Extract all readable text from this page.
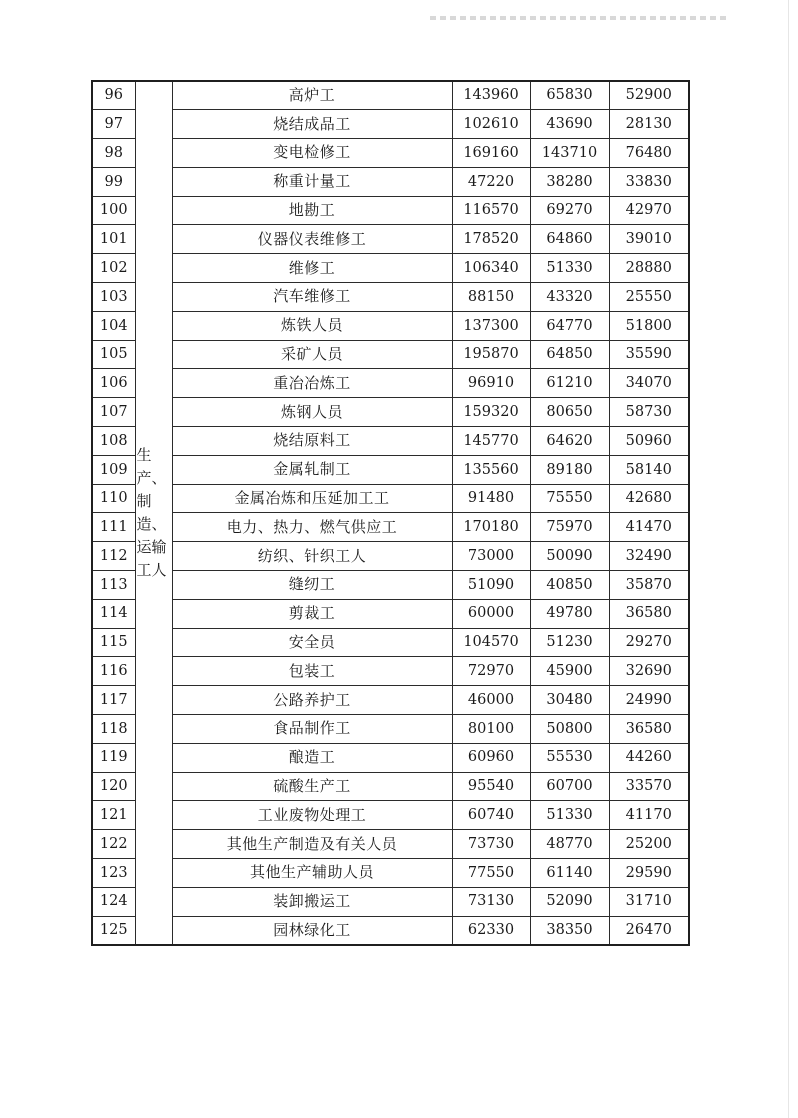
96	生产、制造、运输工人	高炉工	143960	65830	52900
97		烧结成品工	102610	43690	28130
98		变电检修工	169160	143710	76480
99		称重计量工	47220	38280	33830
100		地勘工	116570	69270	42970
101		仪器仪表维修工	178520	64860	39010
102		维修工	106340	51330	28880
103		汽车维修工	88150	43320	25550
104		炼铁人员	137300	64770	51800
105		采矿人员	195870	64850	35590
106		重冶冶炼工	96910	61210	34070
107		炼钢人员	159320	80650	58730
108		烧结原料工	145770	64620	50960
109		金属轧制工	135560	89180	58140
110		金属冶炼和压延加工工	91480	75550	42680
111		电力、热力、燃气供应工	170180	75970	41470
112		纺织、针织工人	73000	50090	32490
113		缝纫工	51090	40850	35870
114		剪裁工	60000	49780	36580
115		安全员	104570	51230	29270
116		包装工	72970	45900	32690
117		公路养护工	46000	30480	24990
118		食品制作工	80100	50800	36580
119		酿造工	60960	55530	44260
120		硫酸生产工	95540	60700	33570
121		工业废物处理工	60740	51330	41170
122		其他生产制造及有关人员	73730	48770	25200
123		其他生产辅助人员	77550	61140	29590
124		装卸搬运工	73130	52090	31710
125		园林绿化工	62330	38350	26470
